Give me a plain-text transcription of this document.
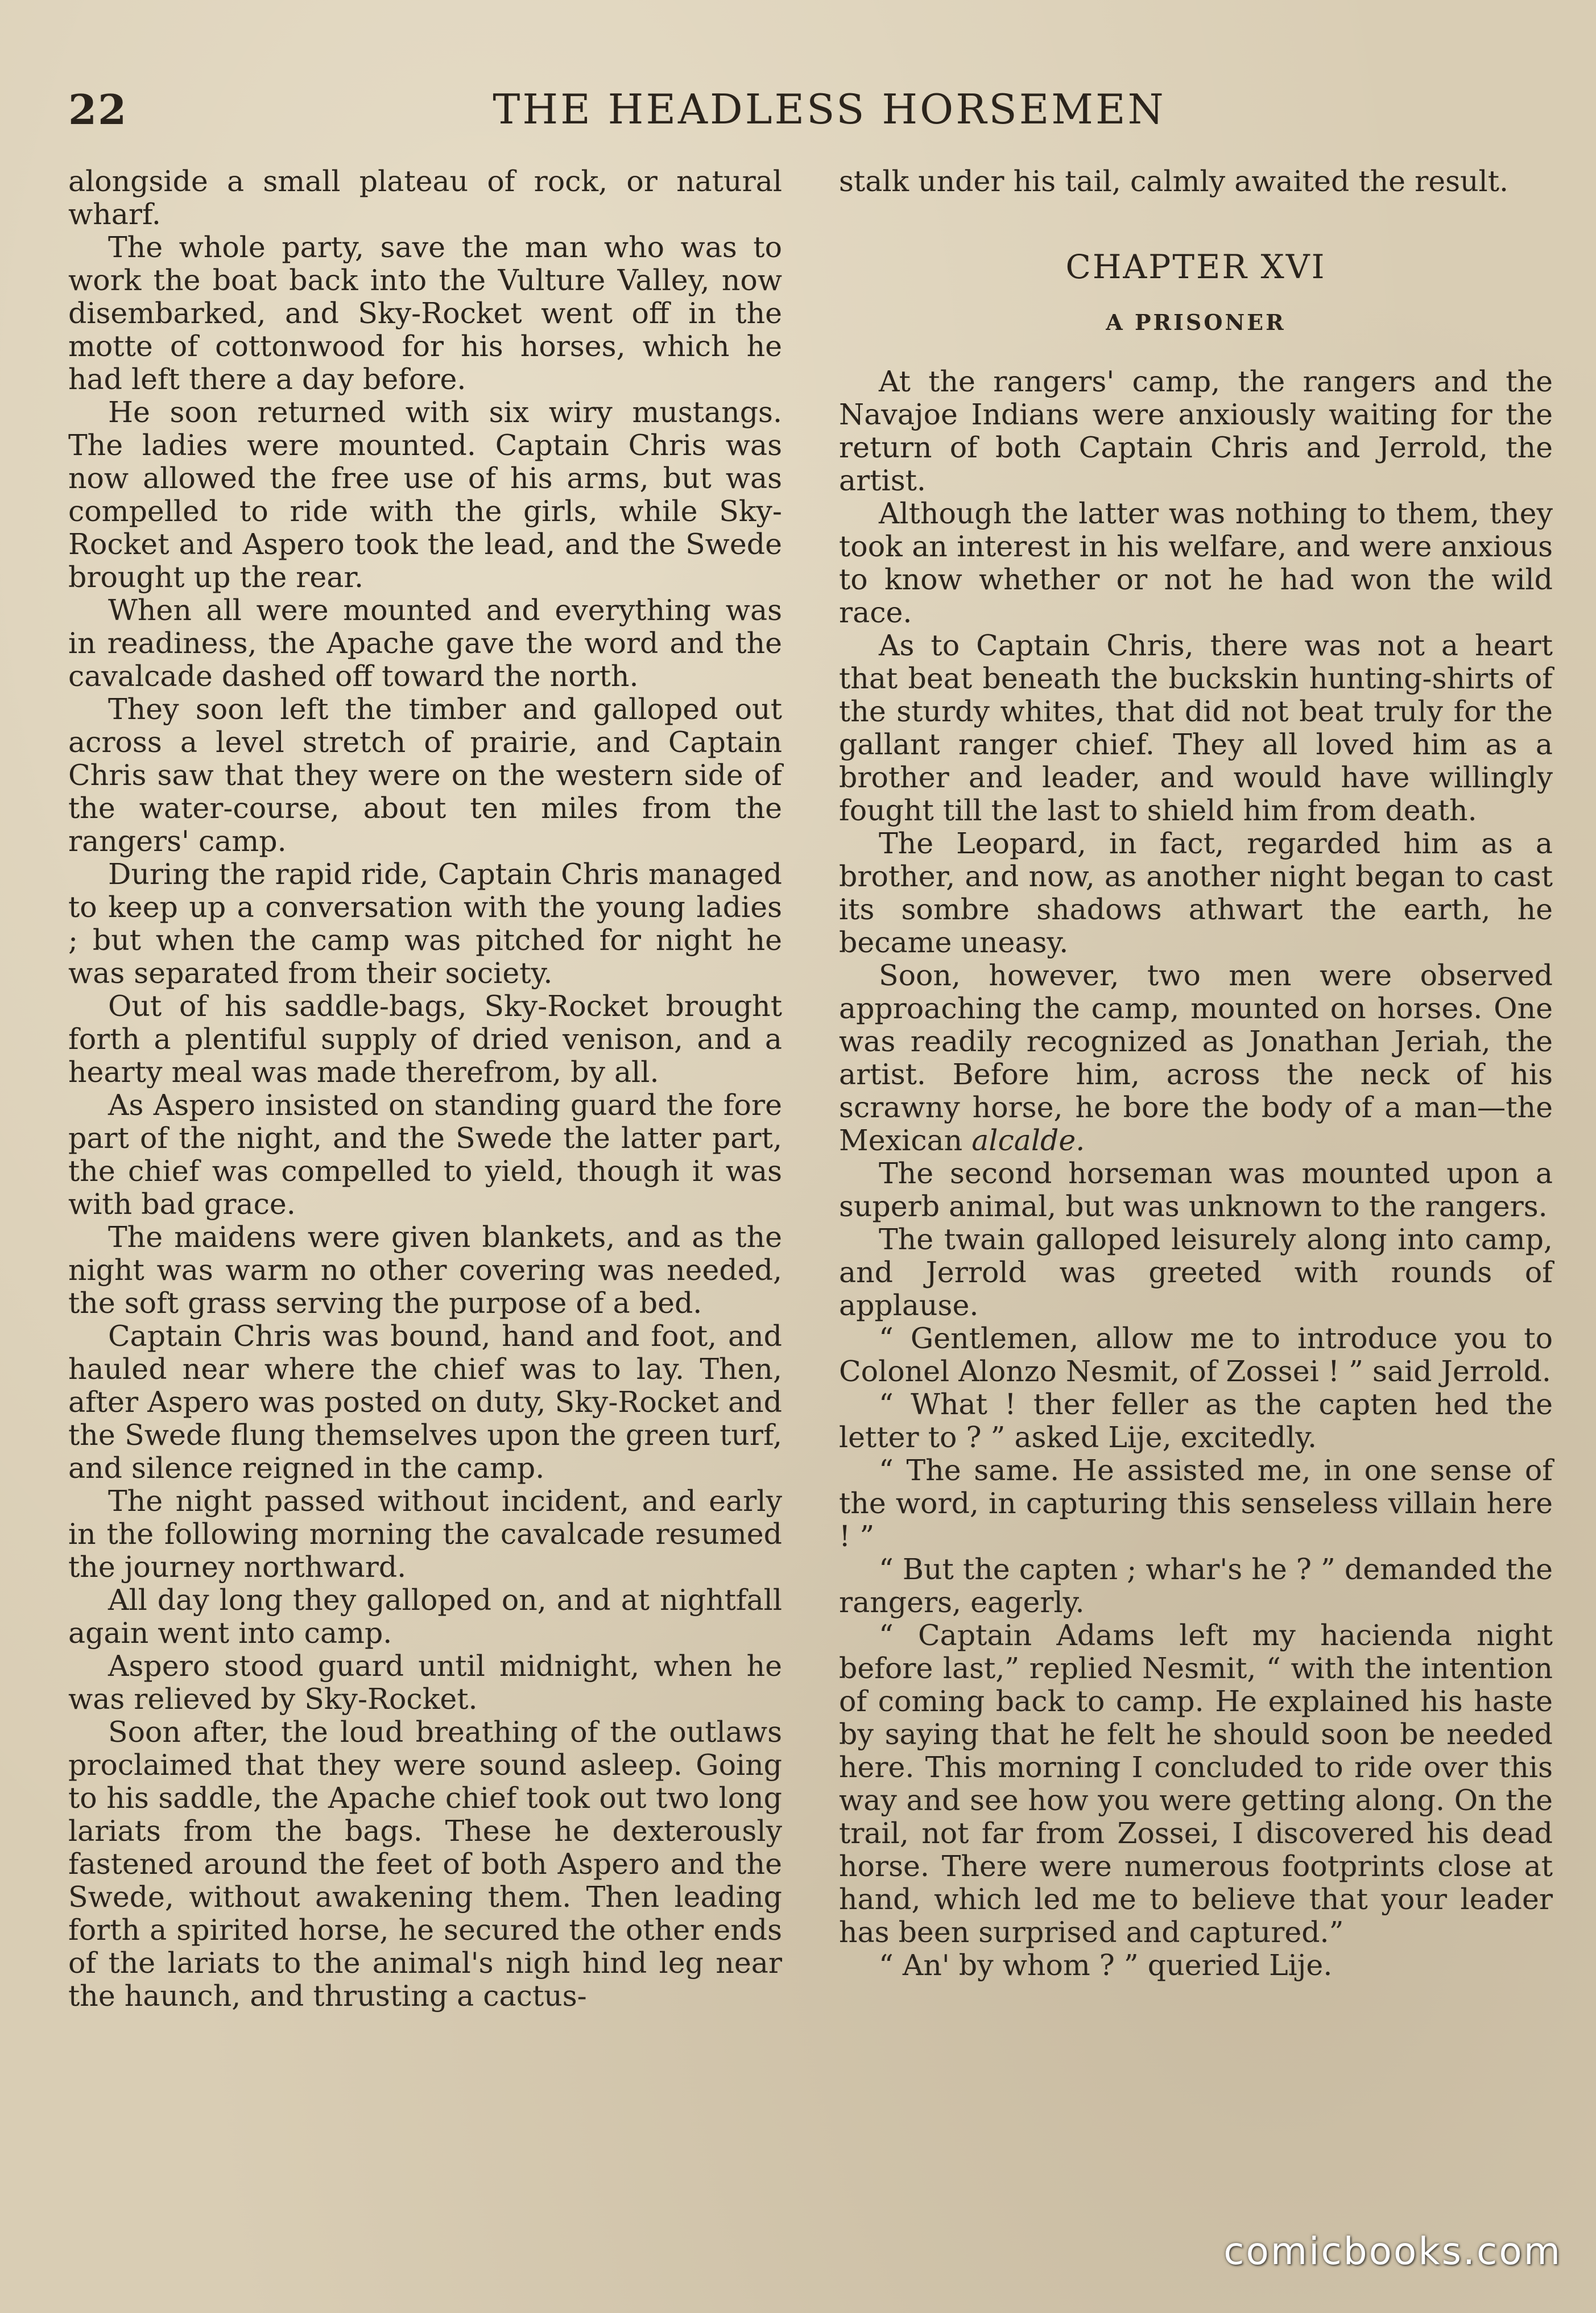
22	THE HEADLESS HORSEMEN

alongside a small plateau of rock, or natural wharf.

The whole party, save the man who was to work the boat back into the Vulture Valley, now disembarked, and Sky-Rocket went off in the motte of cottonwood for his horses, which he had left there a day before.

He soon returned with six wiry mustangs. The ladies were mounted. Captain Chris was now allowed the free use of his arms, but was compelled to ride with the girls, while Sky-Rocket and Aspero took the lead, and the Swede brought up the rear.

When all were mounted and everything was in readiness, the Apache gave the word and the cavalcade dashed off toward the north.

They soon left the timber and galloped out across a level stretch of prairie, and Captain Chris saw that they were on the western side of the water-course, about ten miles from the rangers' camp.

During the rapid ride, Captain Chris managed to keep up a conversation with the young ladies ; but when the camp was pitched for night he was separated from their society.

Out of his saddle-bags, Sky-Rocket brought forth a plentiful supply of dried venison, and a hearty meal was made therefrom, by all.

As Aspero insisted on standing guard the fore part of the night, and the Swede the latter part, the chief was compelled to yield, though it was with bad grace.

The maidens were given blankets, and as the night was warm no other covering was needed, the soft grass serving the purpose of a bed.

Captain Chris was bound, hand and foot, and hauled near where the chief was to lay. Then, after Aspero was posted on duty, Sky-Rocket and the Swede flung themselves upon the green turf, and silence reigned in the camp.

The night passed without incident, and early in the following morning the cavalcade resumed the journey northward.

All day long they galloped on, and at nightfall again went into camp.

Aspero stood guard until midnight, when he was relieved by Sky-Rocket.

Soon after, the loud breathing of the outlaws proclaimed that they were sound asleep. Going to his saddle, the Apache chief took out two long lariats from the bags. These he dexterously fastened around the feet of both Aspero and the Swede, without awakening them. Then leading forth a spirited horse, he secured the other ends of the lariats to the animal's nigh hind leg near the haunch, and thrusting a cactus-

stalk under his tail, calmly awaited the result.

CHAPTER XVI
A PRISONER

At the rangers' camp, the rangers and the Navajoe Indians were anxiously waiting for the return of both Captain Chris and Jerrold, the artist.

Although the latter was nothing to them, they took an interest in his welfare, and were anxious to know whether or not he had won the wild race.

As to Captain Chris, there was not a heart that beat beneath the buckskin hunting-shirts of the sturdy whites, that did not beat truly for the gallant ranger chief. They all loved him as a brother and leader, and would have willingly fought till the last to shield him from death.

The Leopard, in fact, regarded him as a brother, and now, as another night began to cast its sombre shadows athwart the earth, he became uneasy.

Soon, however, two men were observed approaching the camp, mounted on horses. One was readily recognized as Jonathan Jeriah, the artist. Before him, across the neck of his scrawny horse, he bore the body of a man—the Mexican alcalde.

The second horseman was mounted upon a superb animal, but was unknown to the rangers.

The twain galloped leisurely along into camp, and Jerrold was greeted with rounds of applause.

“ Gentlemen, allow me to introduce you to Colonel Alonzo Nesmit, of Zossei ! ” said Jerrold.

“ What ! ther feller as the capten hed the letter to ? ” asked Lije, excitedly.

“ The same. He assisted me, in one sense of the word, in capturing this senseless villain here ! ”

“ But the capten ; whar's he ? ” demanded the rangers, eagerly.

“ Captain Adams left my hacienda night before last,” replied Nesmit, “ with the intention of coming back to camp. He explained his haste by saying that he felt he should soon be needed here. This morning I concluded to ride over this way and see how you were getting along. On the trail, not far from Zossei, I discovered his dead horse. There were numerous footprints close at hand, which led me to believe that your leader has been surprised and captured.”

“ An' by whom ? ” queried Lije.

comicbooks.com
